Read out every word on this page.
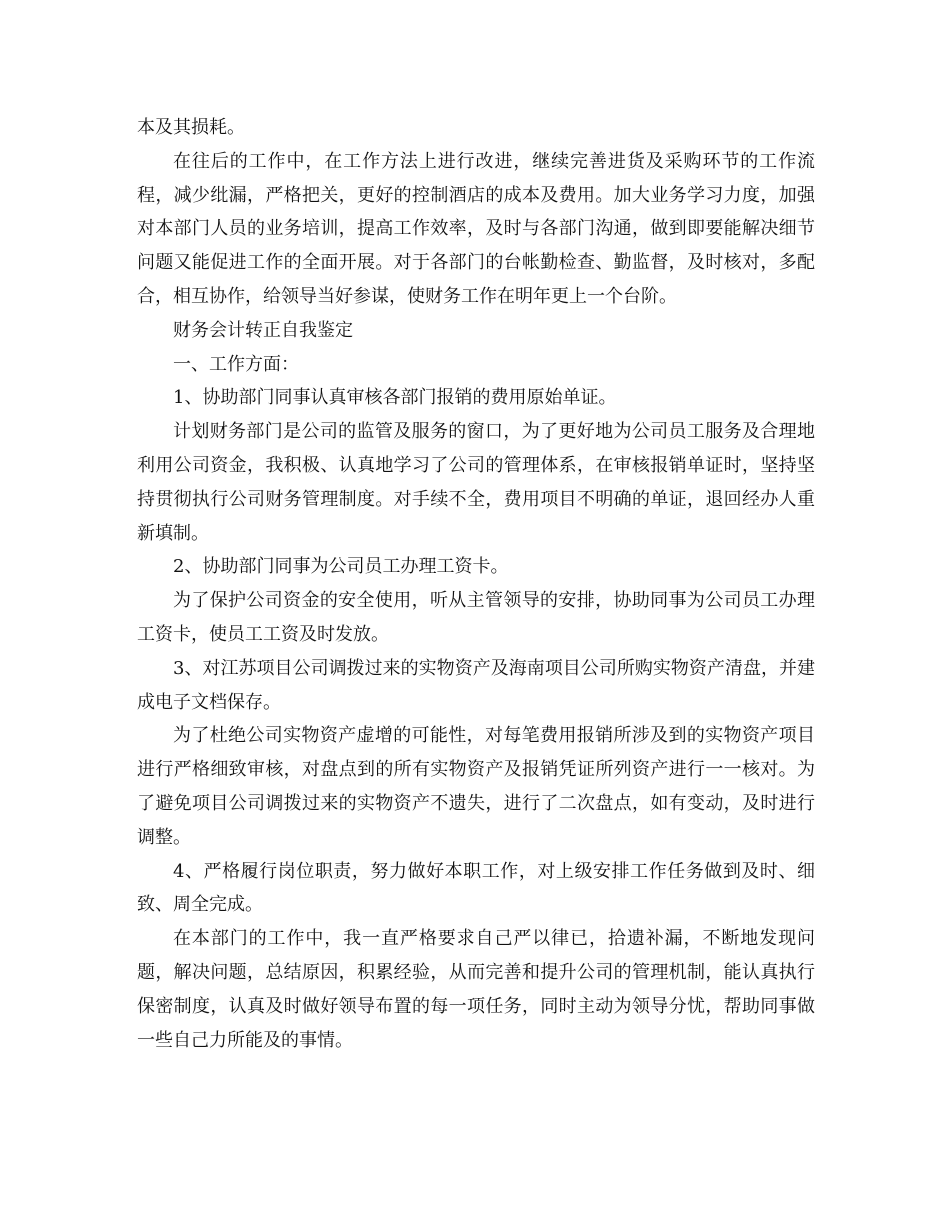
本及其损耗。

在往后的工作中，在工作方法上进行改进，继续完善进货及采购环节的工作流程，减少纰漏，严格把关，更好的控制酒店的成本及费用。加大业务学习力度，加强对本部门人员的业务培训，提高工作效率，及时与各部门沟通，做到即要能解决细节问题又能促进工作的全面开展。对于各部门的台帐勤检查、勤监督，及时核对，多配合，相互协作，给领导当好参谋，使财务工作在明年更上一个台阶。

财务会计转正自我鉴定

一、工作方面：

1、协助部门同事认真审核各部门报销的费用原始单证。

计划财务部门是公司的监管及服务的窗口，为了更好地为公司员工服务及合理地利用公司资金，我积极、认真地学习了公司的管理体系，在审核报销单证时，坚持坚持贯彻执行公司财务管理制度。对手续不全，费用项目不明确的单证，退回经办人重新填制。

2、协助部门同事为公司员工办理工资卡。

为了保护公司资金的安全使用，听从主管领导的安排，协助同事为公司员工办理工资卡，使员工工资及时发放。

3、对江苏项目公司调拨过来的实物资产及海南项目公司所购实物资产清盘，并建成电子文档保存。

为了杜绝公司实物资产虚增的可能性，对每笔费用报销所涉及到的实物资产项目进行严格细致审核，对盘点到的所有实物资产及报销凭证所列资产进行一一核对。为了避免项目公司调拨过来的实物资产不遗失，进行了二次盘点，如有变动，及时进行调整。

4、严格履行岗位职责，努力做好本职工作，对上级安排工作任务做到及时、细致、周全完成。

在本部门的工作中，我一直严格要求自己严以律已，拾遗补漏，不断地发现问题，解决问题，总结原因，积累经验，从而完善和提升公司的管理机制，能认真执行保密制度，认真及时做好领导布置的每一项任务，同时主动为领导分忧，帮助同事做一些自己力所能及的事情。
